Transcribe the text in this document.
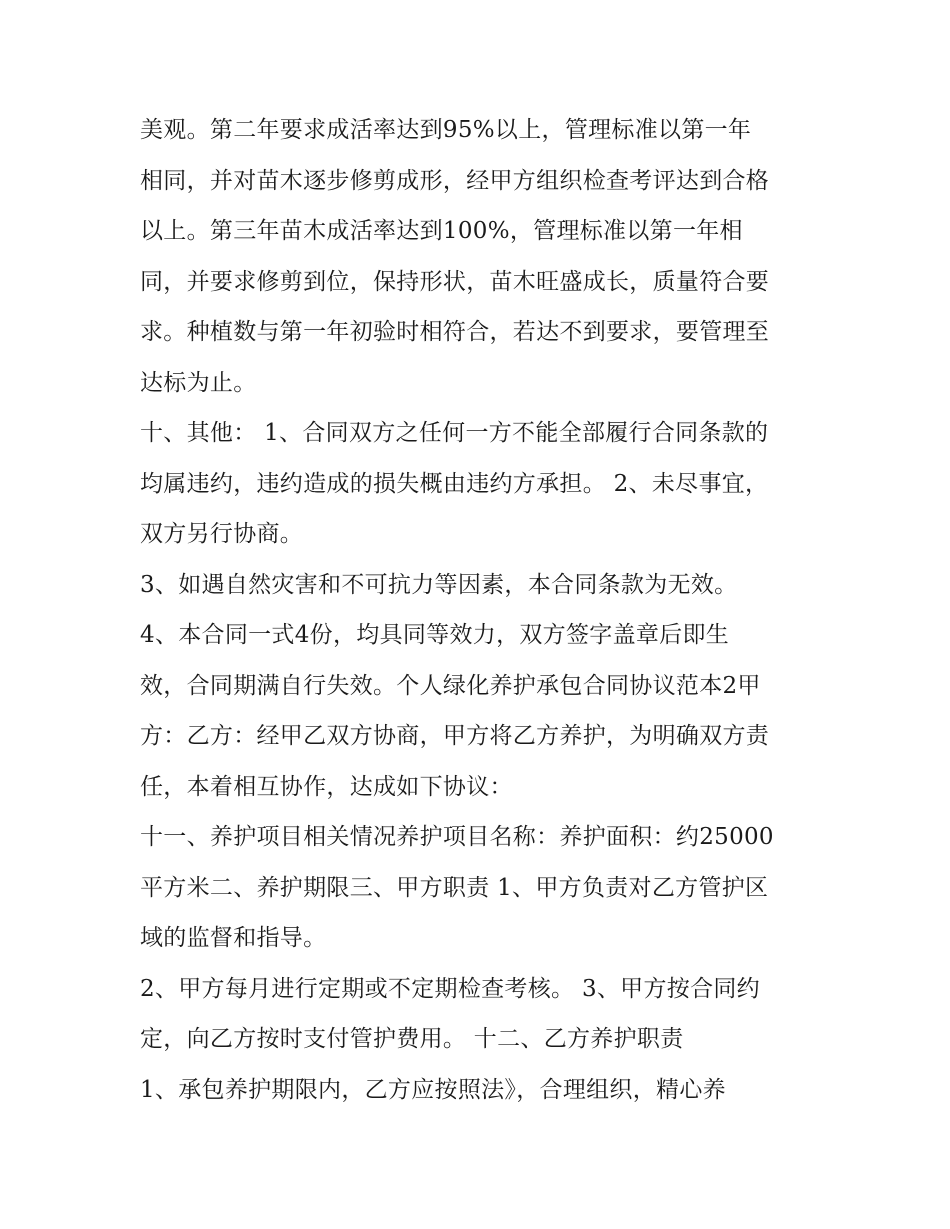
美观。第二年要求成活率达到95%以上，管理标准以第一年
相同，并对苗木逐步修剪成形，经甲方组织检查考评达到合格
以上。第三年苗木成活率达到100%，管理标准以第一年相
同，并要求修剪到位，保持形状，苗木旺盛成长，质量符合要
求。种植数与第一年初验时相符合，若达不到要求，要管理至
达标为止。
十、其他： 1、合同双方之任何一方不能全部履行合同条款的
均属违约，违约造成的损失概由违约方承担。 2、未尽事宜，
双方另行协商。
3、如遇自然灾害和不可抗力等因素，本合同条款为无效。
4、本合同一式4份，均具同等效力，双方签字盖章后即生
效，合同期满自行失效。个人绿化养护承包合同协议范本2甲
方：乙方：经甲乙双方协商，甲方将乙方养护，为明确双方责
任，本着相互协作，达成如下协议：
十一、养护项目相关情况养护项目名称：养护面积：约25000
平方米二、养护期限三、甲方职责 1、甲方负责对乙方管护区
域的监督和指导。
2、甲方每月进行定期或不定期检查考核。 3、甲方按合同约
定，向乙方按时支付管护费用。 十二、乙方养护职责
1、承包养护期限内，乙方应按照法》，合理组织，精心养
